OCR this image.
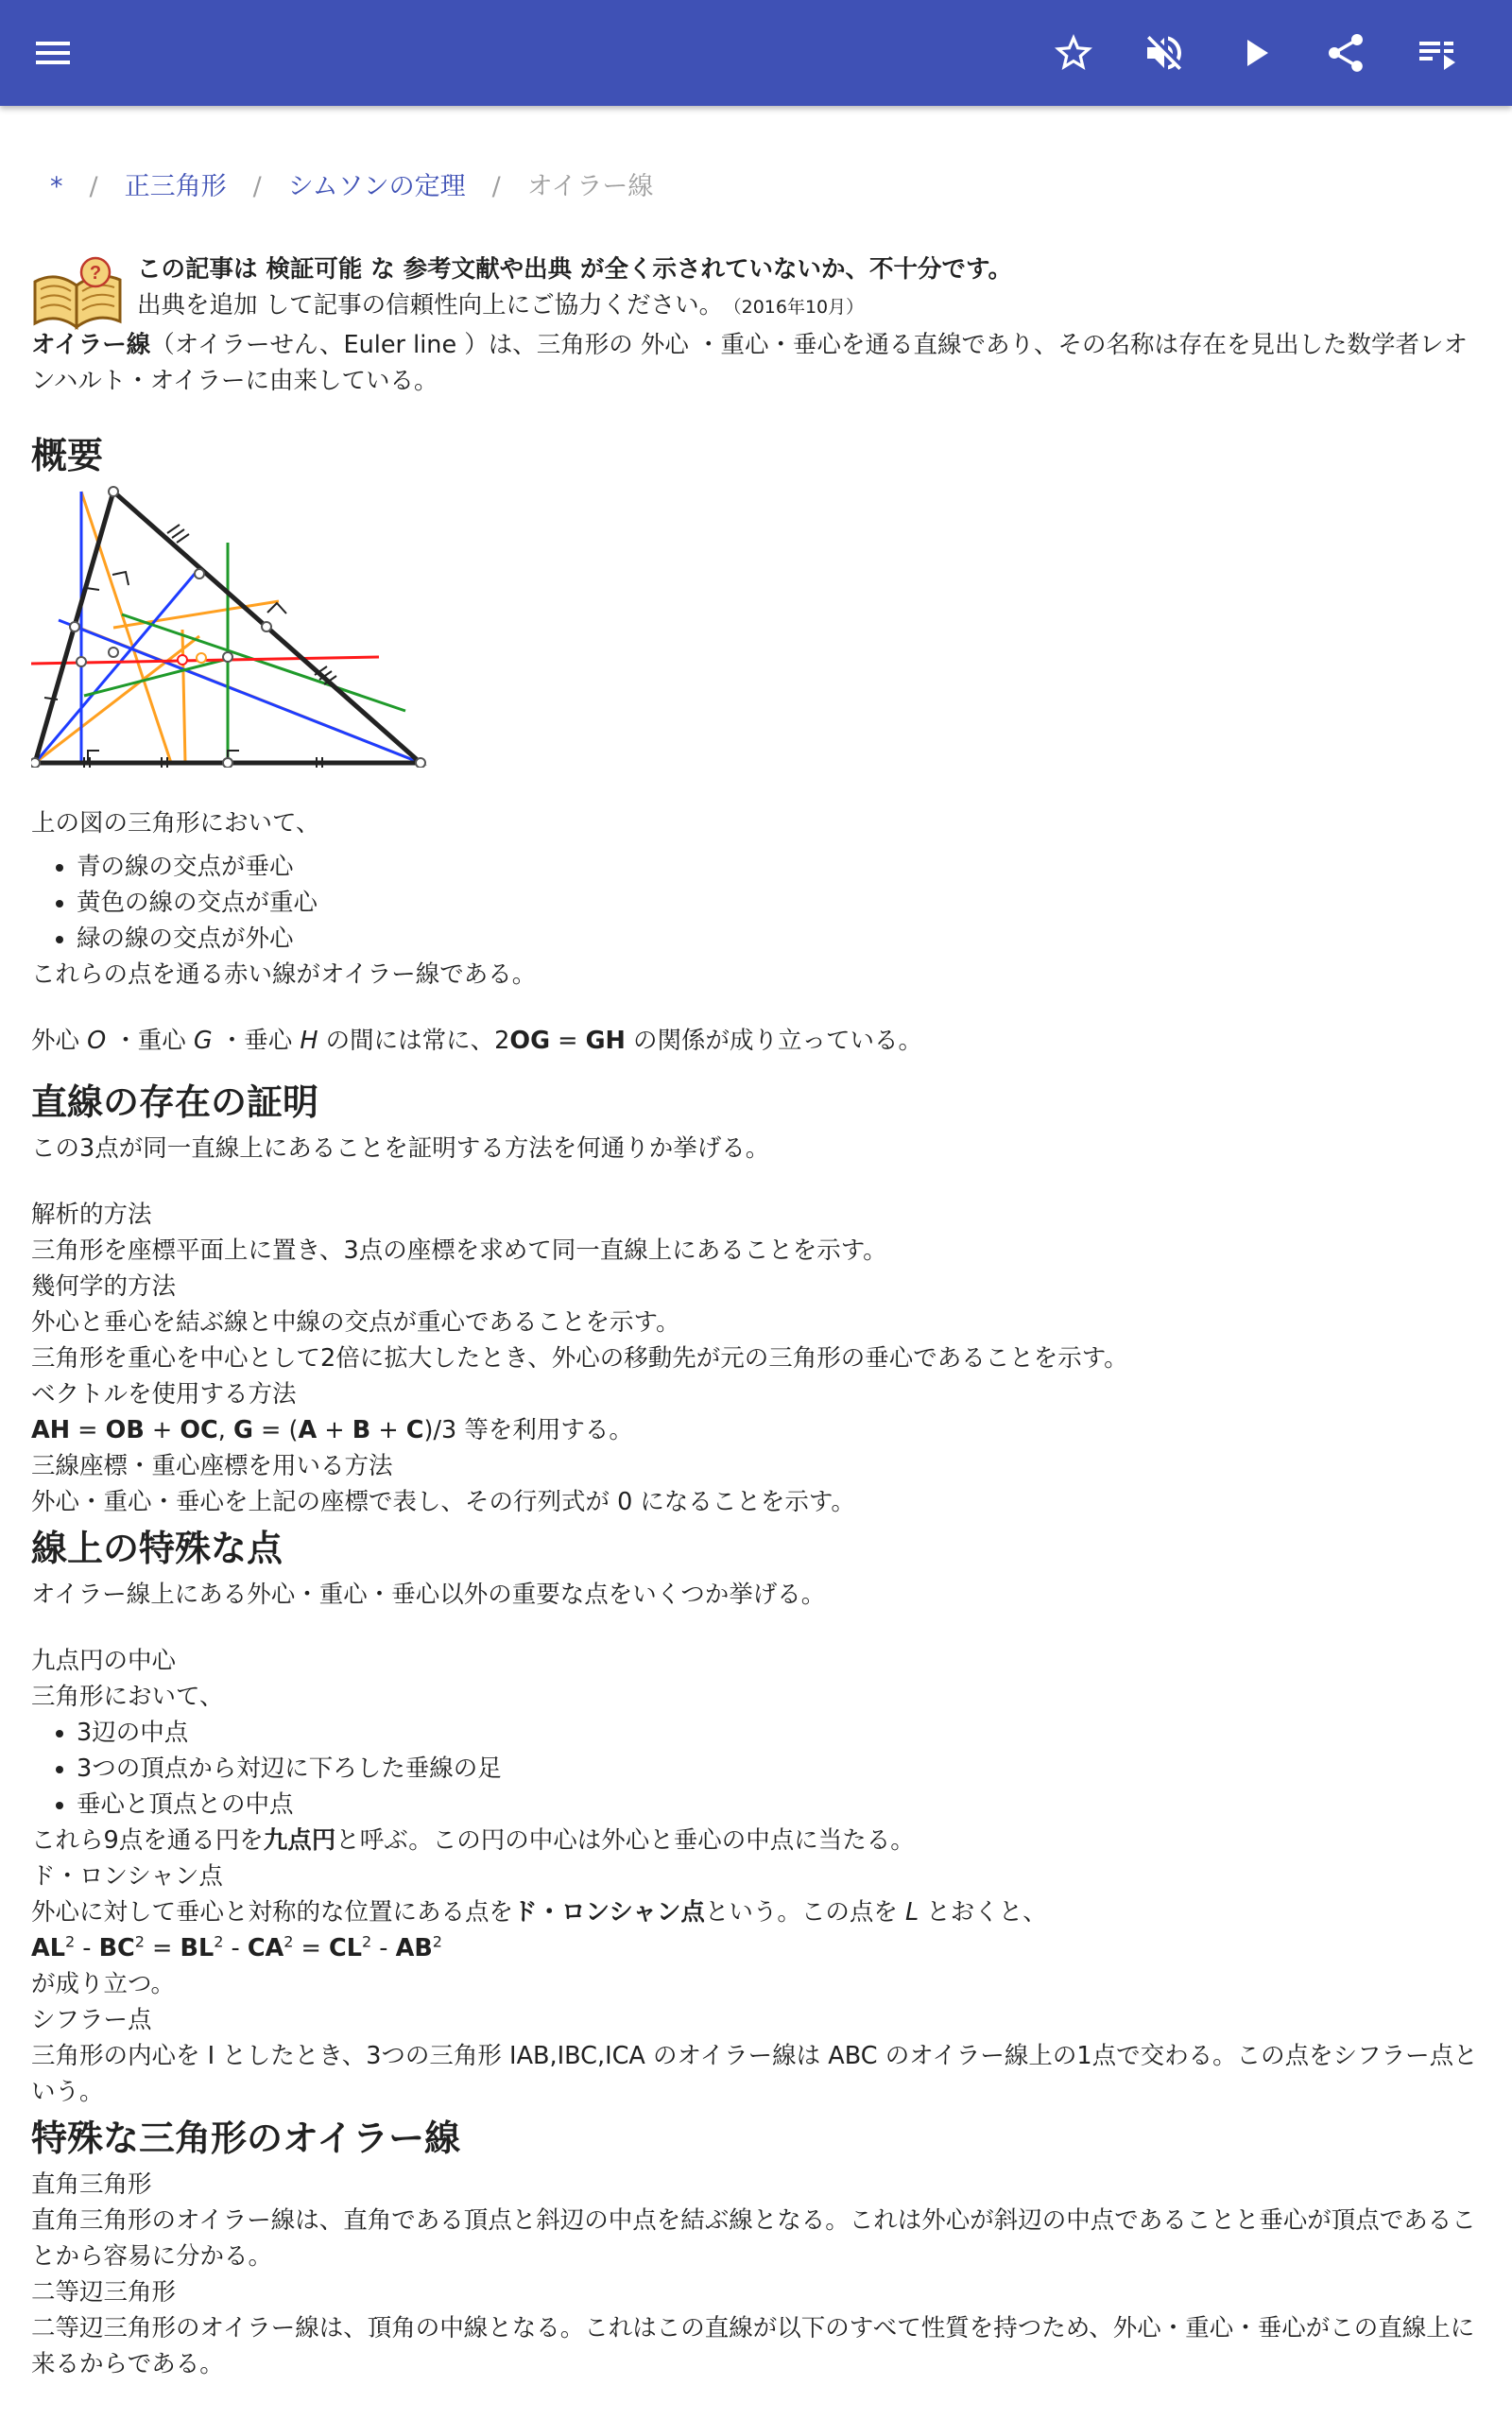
* / 正三角形 / シムソンの定理 / オイラー線
? この記事は 検証可能 な 参考文献や出典 が全く示されていないか、不十分です。
出典を追加 して記事の信頼性向上にご協力ください。 （2016年10月）

オイラー線（オイラーせん、Euler line ）は、三角形の 外心 ・重心・垂心を通る直線であり、その名称は存在を見出した数学者レオンハルト・オイラーに由来している。

概要

上の図の三角形において、

• 青の線の交点が垂心
• 黄色の線の交点が重心
• 緑の線の交点が外心

これらの点を通る赤い線がオイラー線である。

外心 O ・重心 G ・垂心 H の間には常に、2OG = GH の関係が成り立っている。

直線の存在の証明

この3点が同一直線上にあることを証明する方法を何通りか挙げる。

解析的方法

三角形を座標平面上に置き、3点の座標を求めて同一直線上にあることを示す。

幾何学的方法

外心と垂心を結ぶ線と中線の交点が重心であることを示す。

三角形を重心を中心として2倍に拡大したとき、外心の移動先が元の三角形の垂心であることを示す。

ベクトルを使用する方法

AH = OB + OC, G = (A + B + C)/3 等を利用する。

三線座標・重心座標を用いる方法

外心・重心・垂心を上記の座標で表し、その行列式が 0 になることを示す。

線上の特殊な点

オイラー線上にある外心・重心・垂心以外の重要な点をいくつか挙げる。

九点円の中心

三角形において、

• 3辺の中点
• 3つの頂点から対辺に下ろした垂線の足
• 垂心と頂点との中点

これら9点を通る円を九点円と呼ぶ。この円の中心は外心と垂心の中点に当たる。

ド・ロンシャン点

外心に対して垂心と対称的な位置にある点をド・ロンシャン点という。この点を L とおくと、

$AL^2 - BC^2 = BL^2 - CA^2 = CL^2 - AB^2$

が成り立つ。

シフラー点

三角形の内心を I としたとき、3つの三角形 IAB,IBC,ICA のオイラー線は ABC のオイラー線上の1点で交わる。この点をシフラー点という。

特殊な三角形のオイラー線

直角三角形

直角三角形のオイラー線は、直角である頂点と斜辺の中点を結ぶ線となる。これは外心が斜辺の中点であることと垂心が頂点であることから容易に分かる。

二等辺三角形

二等辺三角形のオイラー線は、頂角の中線となる。これはこの直線が以下のすべて性質を持つため、外心・重心・垂心がこの直線上に来るからである。
